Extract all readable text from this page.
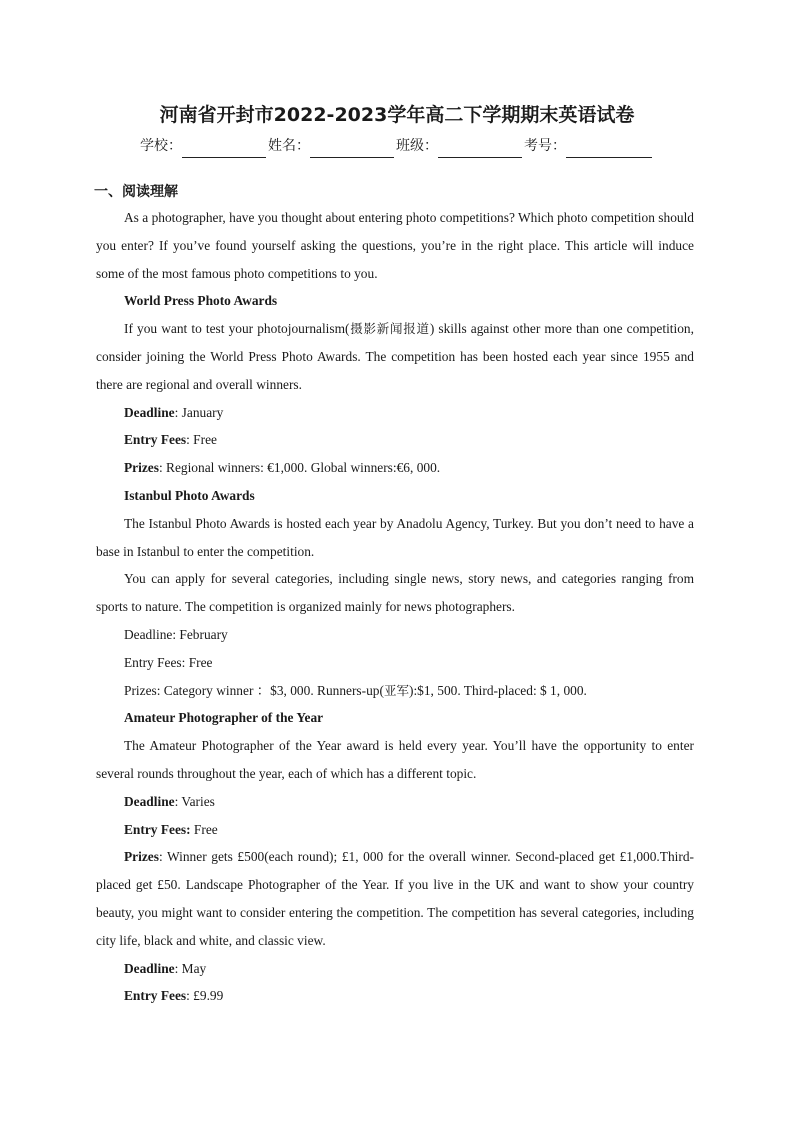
河南省开封市2022-2023学年高二下学期期末英语试卷
学校：	姓名：	班级：	考号：
一、阅读理解

As a photographer, have you thought about entering photo competitions? Which photo competition should you enter? If you’ve found yourself asking the questions, you’re in the right place. This article will induce some of the most famous photo competitions to you.

World Press Photo Awards

If you want to test your photojournalism(摄影新闻报道) skills against other more than one competition, consider joining the World Press Photo Awards. The competition has been hosted each year since 1955 and there are regional and overall winners.

Deadline: January

Entry Fees: Free

Prizes: Regional winners: €1,000. Global winners:€6, 000.

Istanbul Photo Awards

The Istanbul Photo Awards is hosted each year by Anadolu Agency, Turkey. But you don’t need to have a base in Istanbul to enter the competition.

You can apply for several categories, including single news, story news, and categories ranging from sports to nature. The competition is organized mainly for news photographers.

Deadline: February

Entry Fees: Free

Prizes: Category winner ：$3, 000. Runners-up(亚军):$1, 500. Third-placed: $ 1, 000.

Amateur Photographer of the Year

The Amateur Photographer of the Year award is held every year. You’ll have the opportunity to enter several rounds throughout the year, each of which has a different topic.

Deadline: Varies

Entry Fees: Free

Prizes: Winner gets £500(each round); £1, 000 for the overall winner. Second-placed get £1,000.Third-placed get £50. Landscape Photographer of the Year. If you live in the UK and want to show your country beauty, you might want to consider entering the competition. The competition has several categories, including city life, black and white, and classic view.

Deadline: May

Entry Fees: £9.99
